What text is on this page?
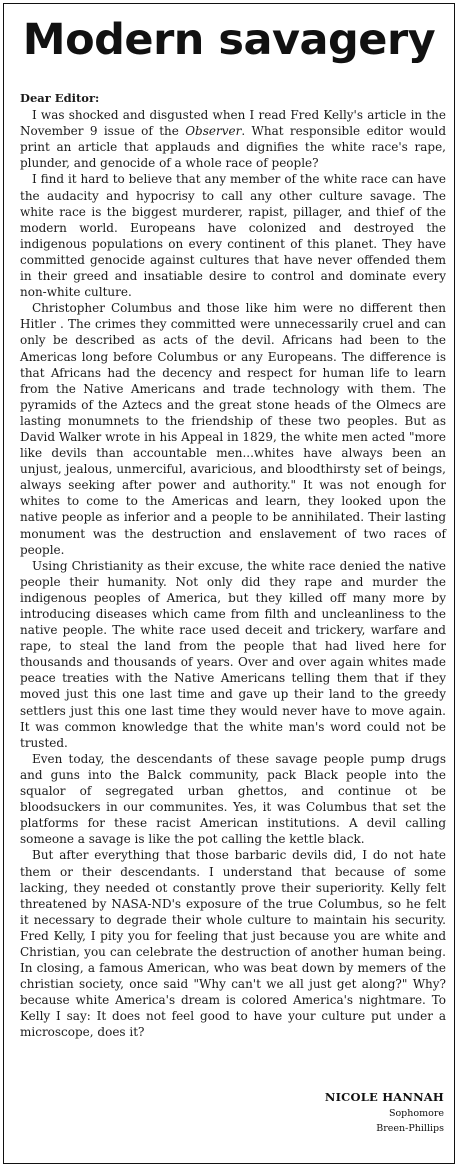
Modern savagery
Dear Editor:

I was shocked and disgusted when I read Fred Kelly's article in the November 9 issue of the Observer. What responsible editor would print an article that applauds and dignifies the white race's rape, plunder, and genocide of a whole race of people?

I find it hard to believe that any member of the white race can have the audacity and hypocrisy to call any other culture savage. The white race is the biggest murderer, rapist, pillager, and thief of the modern world. Europeans have colonized and destroyed the indigenous populations on every continent of this planet. They have committed genocide against cultures that have never offended them in their greed and insatiable desire to control and dominate every non-white culture.

Christopher Columbus and those like him were no different then Hitler . The crimes they committed were unnecessarily cruel and can only be described as acts of the devil. Africans had been to the Americas long before Columbus or any Europeans. The difference is that Africans had the decency and respect for human life to learn from the Native Americans and trade technology with them. The pyramids of the Aztecs and the great stone heads of the Olmecs are lasting monumnets to the friendship of these two peoples. But as David Walker wrote in his Appeal in 1829, the white men acted "more like devils than accountable men...whites have always been an unjust, jealous, unmerciful, avaricious, and bloodthirsty set of beings, always seeking after power and authority." It was not enough for whites to come to the Americas and learn, they looked upon the native people as inferior and a people to be annihilated. Their lasting monument was the destruction and enslavement of two races of people.

Using Christianity as their excuse, the white race denied the native people their humanity. Not only did they rape and murder the indigenous peoples of America, but they killed off many more by introducing diseases which came from filth and uncleanliness to the native people. The white race used deceit and trickery, warfare and rape, to steal the land from the people that had lived here for thousands and thousands of years. Over and over again whites made peace treaties with the Native Americans telling them that if they moved just this one last time and gave up their land to the greedy settlers just this one last time they would never have to move again. It was common knowledge that the white man's word could not be trusted.

Even today, the descendants of these savage people pump drugs and guns into the Balck community, pack Black people into the squalor of segregated urban ghettos, and continue ot be bloodsuckers in our communites. Yes, it was Columbus that set the platforms for these racist American institutions. A devil calling someone a savage is like the pot calling the kettle black.

But after everything that those barbaric devils did, I do not hate them or their descendants. I understand that because of some lacking, they needed ot constantly prove their superiority. Kelly felt threatened by NASA-ND's exposure of the true Columbus, so he felt it necessary to degrade their whole culture to maintain his security. Fred Kelly, I pity you for feeling that just because you are white and Christian, you can celebrate the destruction of another human being. In closing, a famous American, who was beat down by memers of the christian society, once said "Why can't we all just get along?" Why? because white America's dream is colored America's nightmare. To Kelly I say: It does not feel good to have your culture put under a microscope, does it?

NICOLE HANNAH
Sophomore
Breen-Phillips
